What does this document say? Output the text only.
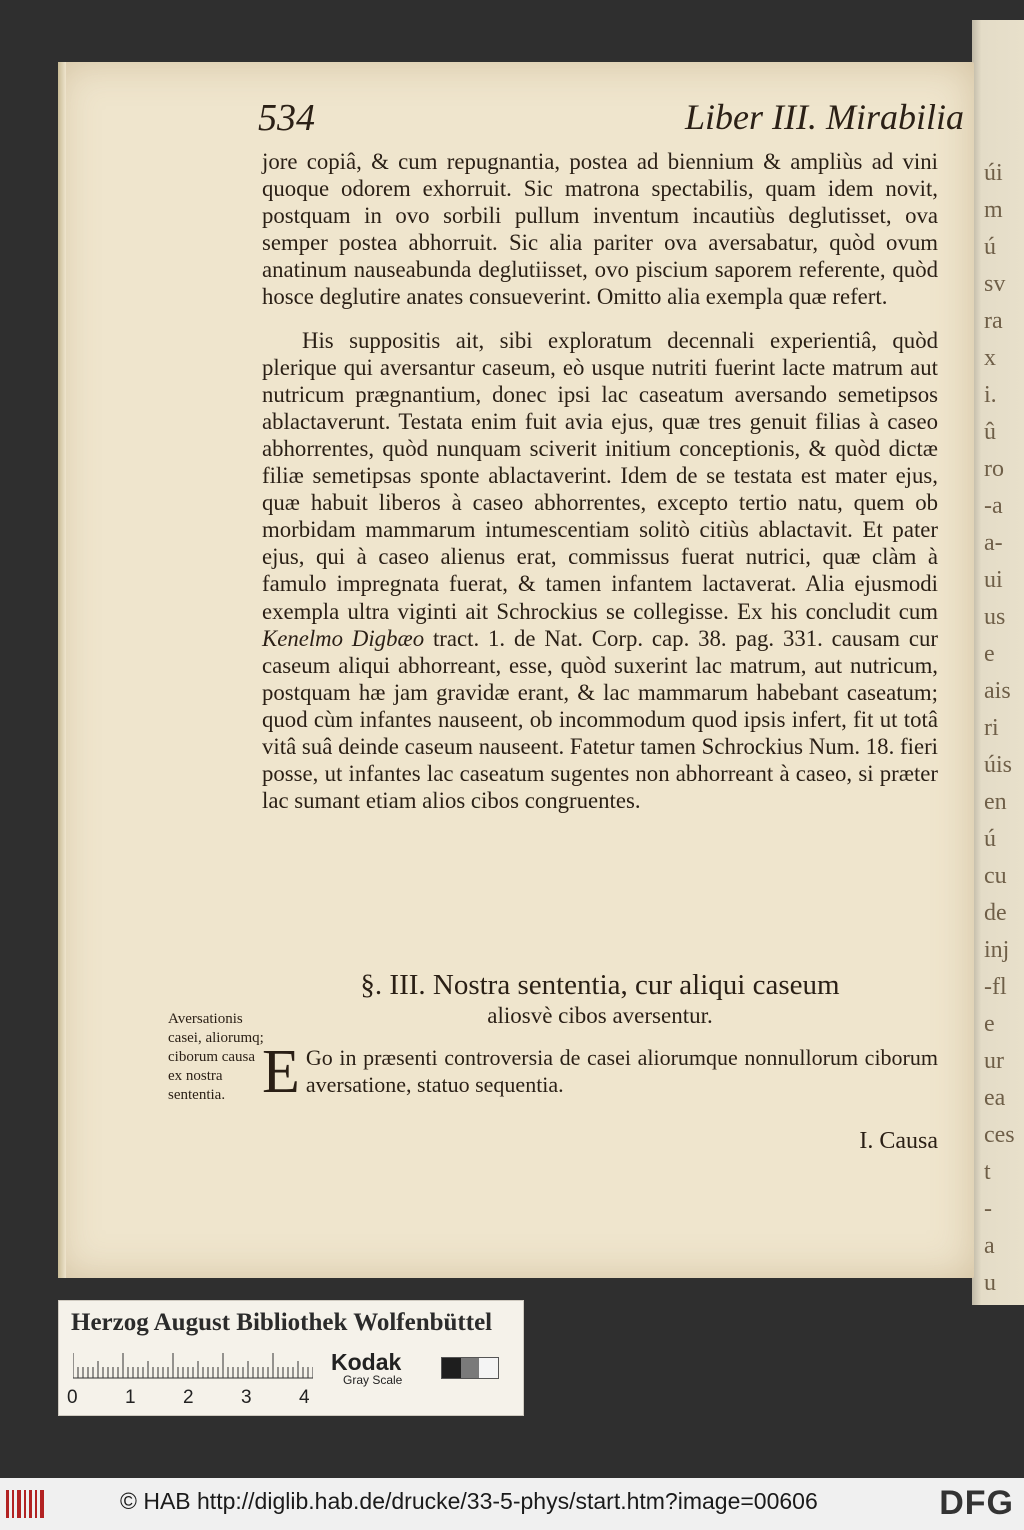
úi
m
ú
sv
ra
x
i.
û
ro
-a
a-
ui
us
e
ais
ri
úis
en
ú
cu
de
inj
-fl
e
ur
ea
ces
t
-
a
u
534	Liber III. Mirabilia

jore copiâ, & cum repugnantia, postea ad biennium & ampliùs ad vini quoque odorem exhorruit. Sic matrona spectabilis, quam idem novit, postquam in ovo sorbili pullum inventum incautiùs deglutisset, ova semper postea abhorruit. Sic alia pariter ova aversabatur, quòd ovum anatinum nauseabunda deglutiisset, ovo piscium saporem referente, quòd hosce deglutire anates consueverint. Omitto alia exempla quæ refert.

His suppositis ait, sibi exploratum decennali experientiâ, quòd plerique qui aversantur caseum, eò usque nutriti fuerint lacte matrum aut nutricum prægnantium, donec ipsi lac caseatum aversando semetipsos ablactaverunt. Testata enim fuit avia ejus, quæ tres genuit filias à caseo abhorrentes, quòd nunquam sciverit initium conceptionis, & quòd dictæ filiæ semetipsas sponte ablactaverint. Idem de se testata est mater ejus, quæ habuit liberos à caseo abhorrentes, excepto tertio natu, quem ob morbidam mammarum intumescentiam solitò citiùs ablactavit. Et pater ejus, qui à caseo alienus erat, commissus fuerat nutrici, quæ clàm à famulo impregnata fuerat, & tamen infantem lactaverat. Alia ejusmodi exempla ultra viginti ait Schrockius se collegisse. Ex his concludit cum Kenelmo Digbæo tract. 1. de Nat. Corp. cap. 38. pag. 331. causam cur caseum aliqui abhorreant, esse, quòd suxerint lac matrum, aut nutricum, postquam hæ jam gravidæ erant, & lac mammarum habebant caseatum; quod cùm infantes nauseent, ob incommodum quod ipsis infert, fit ut totâ vitâ suâ deinde caseum nauseent. Fatetur tamen Schrockius Num. 18. fieri posse, ut infantes lac caseatum sugentes non abhorreant à caseo, si præter lac sumant etiam alios cibos congruentes.

§. III. Nostra sententia, cur aliqui caseum
aliosvè cibos aversentur.
Aversationis casei, aliorumq; ciborum causa ex nostra sententia. E Go in præsenti controversia de casei aliorumque nonnullorum ciborum aversatione, statuo sequentia.
I. Causa
Herzog August Bibliothek Wolfenbüttel
0 1 2 3 4
Kodak
Gray Scale
© HAB http://diglib.hab.de/drucke/33-5-phys/start.htm?image=00606	DFG
